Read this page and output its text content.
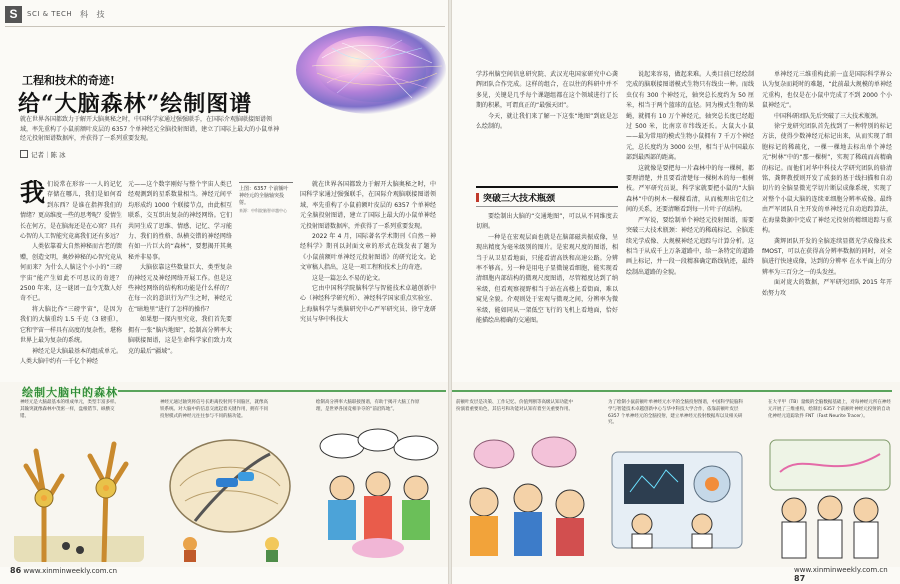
S	SCI & TECH 科 技
工程和技术的奇迹!
给“大脑森林”绘制图谱
就在世界各国都致力于解开大脑奥秘之时，中国科学家通过强强联手，在国际介观脑联接图谱领域，率先重构了小鼠前额叶皮层的 6357 个单神经元全脑投射图谱，建立了国际上最大的小鼠单神经元投射图谱数据库，并获得了一系列重要发现。
记者｜陈 冰
我 们说常在形容一一人的记忆存储在哪儿，我们是如何看到东西？是谁在指挥我们的情绪？更高维度一些的思考呢？爱情生长在何方，是在脑海还是在心窝？具有心智的人工智能究竟离我们还有多远？

人类依靠着大自然神秘而古老的馈赠，创造文明，奥妙神秘的心智究竟从何而来？为什么人脑这个小小的“三磅宇宙”能产生如此不可思议的奇迹？2500 年来，这一谜团一直令无数人好奇不已。

将大脑比作“三磅宇宙”，是因为我们的大脑重约 1.5 千克（3 磅重），它和宇宙一样具有高度的复杂性，堪称世界上最为复杂的系统。

神经元是大脑最基本的组成单元。人类大脑中约有一千亿个神经

元——这个数字刚好与整个宇宙人类已经观测到的星系数量相当。神经元间平均形成约 1000 个联接节点，由此相互联系，交互织出复杂的神经网络。它们共同生成了思维、情感、记忆、学习能力、我们的性格、纵横交错的神经网络有如一片巨大的“森林”，要想揭开其奥秘并非易事。

大脑依靠这些数量巨大、类型复杂的神经元及神经网络开展工作。但是这些神经网络的结构和功能是什么样的？在每一次的意识行为产生之时，神经元在“暗地里”进行了怎样的操作？

如果想一探内里究竟，我们首先要拥有一张“脑内地图”，绘制高分辨率大脑联接图谱，这是生命科学家们致力攻克的最后“疆域”。

上图：6357 个前额叶神经元的全脑轴突投射。
来源：中科院脑智卓越中心

就在世界各国都致力于解开大脑奥秘之时，中国科学家通过强强联手，在国际介观脑联接图谱领域，率先重构了小鼠前额叶皮层的 6357 个单神经元全脑投射图谱，建立了国际上最大的小鼠单神经元投射图谱数据库，并获得了一系列重要发现。

2022 年 4 月，国际著名学术期刊《自然－神经科学》期刊以封面文章的形式在线发表了题为《小鼠前额叶单神经元投射图谱》的研究论文。论文审稿人指出，这是一项工程和技术上的奇迹。

这是一篇怎么不易的论文。

它由中国科学院脑科学与智能技术卓越创新中心（神经科学研究所）、神经科学国家重点实验室、上海脑科学与类脑研究中心严军研究员、徐宁龙研究员与华中科技大

绘制大脑中的森林
神经元是大脑最基本的组成单元，类型丰富多样。其输突就像森林中茂密一样，盘根错节、纵横交错。
神经元通过轴突将信号长距离投射到不同脑区，就像高铁系统。对大脑中的信息交流起着关键作用，拥有不同投射模式的神经元往往参与不同的脑功能。
绘制高分辨率大脑联接图谱，有助于揭开大脑工作原理，是世界各国竞相争夺的“前沿阵地”。
86 www.xinminweekly.com.cn

学苏州脑空间信息研究院、武汉光电国家研究中心龚辉团队合作完成。这样的组合，在以往的科研中并不多见，关键是几乎每个课题组都在这个领域进行了长期的积累，可谓真正的“最强天团”。

今天，就让我们来了解一下这张“地图”到底是怎么绘制的。

突破三大技术瓶颈

要绘制出大脑的“交通地图”，可以从不同维度去切割。

一种是在宏观层面也就是在脑部磁共振成像，呈现出精度为毫米级别的图片。是宏观尺度的图谱，相当于从卫星看地面，只能看清高铁和高速公路。分辨率不够高。另一种是用电子显微镜看细胞，能实现看清细胞内部结构的微观尺度图谱，尽管精度达到了纳米级，但看观察视野相当于站在高楼上看街面，难以窥见全貌。介观则处于宏观与微观之间，分辨率为微米级，能如同从一架低空飞行的飞机上看地面，恰好能描绘出精确的交通图。

说起来容易，做起来难。人类目前已经绘制完成的脑联接图谱模式生物只有线虫一种。而线虫仅有 300 个神经元，轴突总长度约为 50 厘米，相当于两个篮球的直径。同为模式生物的果蝇，就拥有 10 万个神经元，轴突总长度已经超过 500 米，比南京市纬线还长。大鼠大小鼠——最为常用的模式生物小鼠拥有 7 千万个神经元，总长度约为 3000 公里，相当于从中国最东部到最西部的距离。

这就像是要把每一片森林中的每一棵树，都要理清楚，并且要看清楚每一棵树木的每一根树枝。严军研究员说，科学家就要把小鼠的“大脑森林”中的树木一棵棵看清，从而梳理出它们之间的关系，还要清晰看到每一片叶子的结构。

严军说，要绘制单个神经元投射图谱，需要突破三大技术瓶颈：神经元的稀疏标记、全脑连续光学成像、大规模神经元追踪与计算分析。这相当于从成千上万条道路中，给一条特定的道路画上标记，并一段一段精准确定路线轨迹，最终绘制出道路的全貌。

单神经元三维重构此前一直是国际科学界公认为复杂而耗时的难题，“此前最大规模的单神经元重构，也仅是在小鼠中完成了不到 2000 个小鼠神经元”。

中国科研团队先后突破了三大技术瓶颈。

徐宁龙研究团队首先找到了一种特别的标记方法，使得少数神经元标记出来，从而实现了细胞标记的稀疏化，一棵一棵地去标出单个神经元“树林”中的“那一棵树”，实现了稀疏而高精确的标记。而他们对华中科技大学研究团队的骆清铭、龚辉教授则开发了成套的基于线扫描和自动切片的全脑显微光学切片断层成像系统，实现了对整个小鼠大脑的连续亚细胞分辨率成像。最终由严军团队自主开发的单神经元自动追踪算法，在海量数据中完成了神经元投射的精细追踪与重构。

龚辉团队开发的全脑连续显微光学成像技术 fMOST，可以在获得高分辨率数据的同时，对全脑进行快速成像，达到的分辨率 在水平面上的分辨率为三百分之一的头发丝。

面对庞大的数据，严军研究团队 2015 年开始努力攻

前额叶皮层是决策、工作记忆、价值判断等高级认知功能中扮演着重要角色，其信号和功能对认知有着至关重要作用。
为了绘制小鼠前额叶单神经元水平的全脑投射图谱，中国科学院脑科学与智能技术卓越创新中心与华中科技大学合作，依靠前额叶皮层 6357 个单神经元的全脑投射，建立单神经元投射数据库以及相关研究。
在大平甲（TB）量级的全脑数据基础上，对每神经元所在神经元开展了三维重构，绘制出 6357 个前额叶神经元投射的自动化神经元追踪软件 FNT（Fast Neurite Tracer）。
www.xinminweekly.com.cn 87
